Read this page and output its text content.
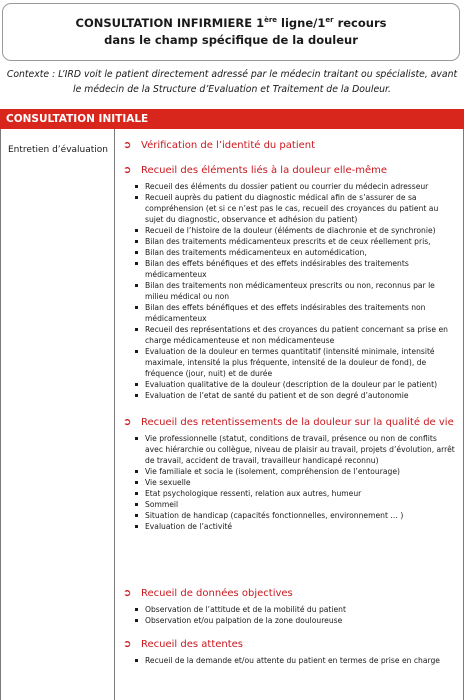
CONSULTATION INFIRMIERE 1ère ligne/1er recours
dans le champ spécifique de la douleur
Contexte : L’IRD voit le patient directement adressé par le médecin traitant ou spécialiste, avant
le médecin de la Structure d’Evaluation et Traitement de la Douleur.
CONSULTATION INITIALE
Entretien d’évaluation ➲ Vérification de l’identité du patient
➲ Recueil des éléments liés à la douleur elle-même
Recueil des éléments du dossier patient ou courrier du médecin adresseur
Recueil auprès du patient du diagnostic médical afin de s’assurer de sa compréhension (et si ce n’est pas le cas, recueil des croyances du patient au sujet du diagnostic, observance et adhésion du patient)
Recueil de l’histoire de la douleur (éléments de diachronie et de synchronie)
Bilan des traitements médicamenteux prescrits et de ceux réellement pris,
Bilan des traitements médicamenteux en automédication,
Bilan des effets bénéfiques et des effets indésirables des traitements médicamenteux
Bilan des traitements non médicamenteux prescrits ou non, reconnus par le milieu médical ou non
Bilan des effets bénéfiques et des effets indésirables des traitements non médicamenteux
Recueil des représentations et des croyances du patient concernant sa prise en charge médicamenteuse et non médicamenteuse
Evaluation de la douleur en termes quantitatif (intensité minimale, intensité maximale, intensité la plus fréquente, intensité de la douleur de fond), de fréquence (jour, nuit) et de durée
Evaluation qualitative de la douleur (description de la douleur par le patient)
Evaluation de l’etat de santé du patient et de son degré d’autonomie
➲ Recueil des retentissements de la douleur sur la qualité de vie
Vie professionnelle (statut, conditions de travail, présence ou non de conflits avec hiérarchie ou collègue, niveau de plaisir au travail, projets d’évolution, arrêt de travail, accident de travail, travailleur handicapé reconnu)
Vie familiale et socia le (isolement, compréhension de l’entourage)
Vie sexuelle
Etat psychologique ressenti, relation aux autres, humeur
Sommeil
Situation de handicap (capacités fonctionnelles, environnement … )
Evaluation de l’activité
➲ Recueil de données objectives
Observation de l’attitude et de la mobilité du patient
Observation et/ou palpation de la zone douloureuse
➲ Recueil des attentes
Recueil de la demande et/ou attente du patient en termes de prise en charge
